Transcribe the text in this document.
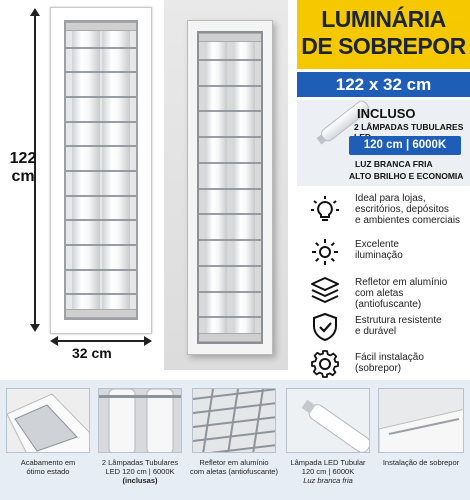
122
cm
32 cm
LUMINÁRIA
DE SOBREPOR
122 x 32 cm
INCLUSO
2 LÂMPADAS TUBULARES
120 cm | 6000K
LUZ BRANCA FRIA
ALTO BRILHO E ECONOMIA
Ideal para lojas,
escritórios, depósitos
e ambientes comerciais
Excelente
iluminação
Refletor em alumínio
com aletas (antiofuscante)
Estrutura resistente
e durável
Fácil instalação
(sobrepor)
Acabamento em
ótimo estado
2 Lâmpadas Tubulares
LED 120 cm | 6000K
(inclusas)
Refletor em alumínio
com aletas (antiofuscante)
Lâmpada LED Tubular
120 cm | 6000K
Luz branca fria
Instalação de sobrepor
